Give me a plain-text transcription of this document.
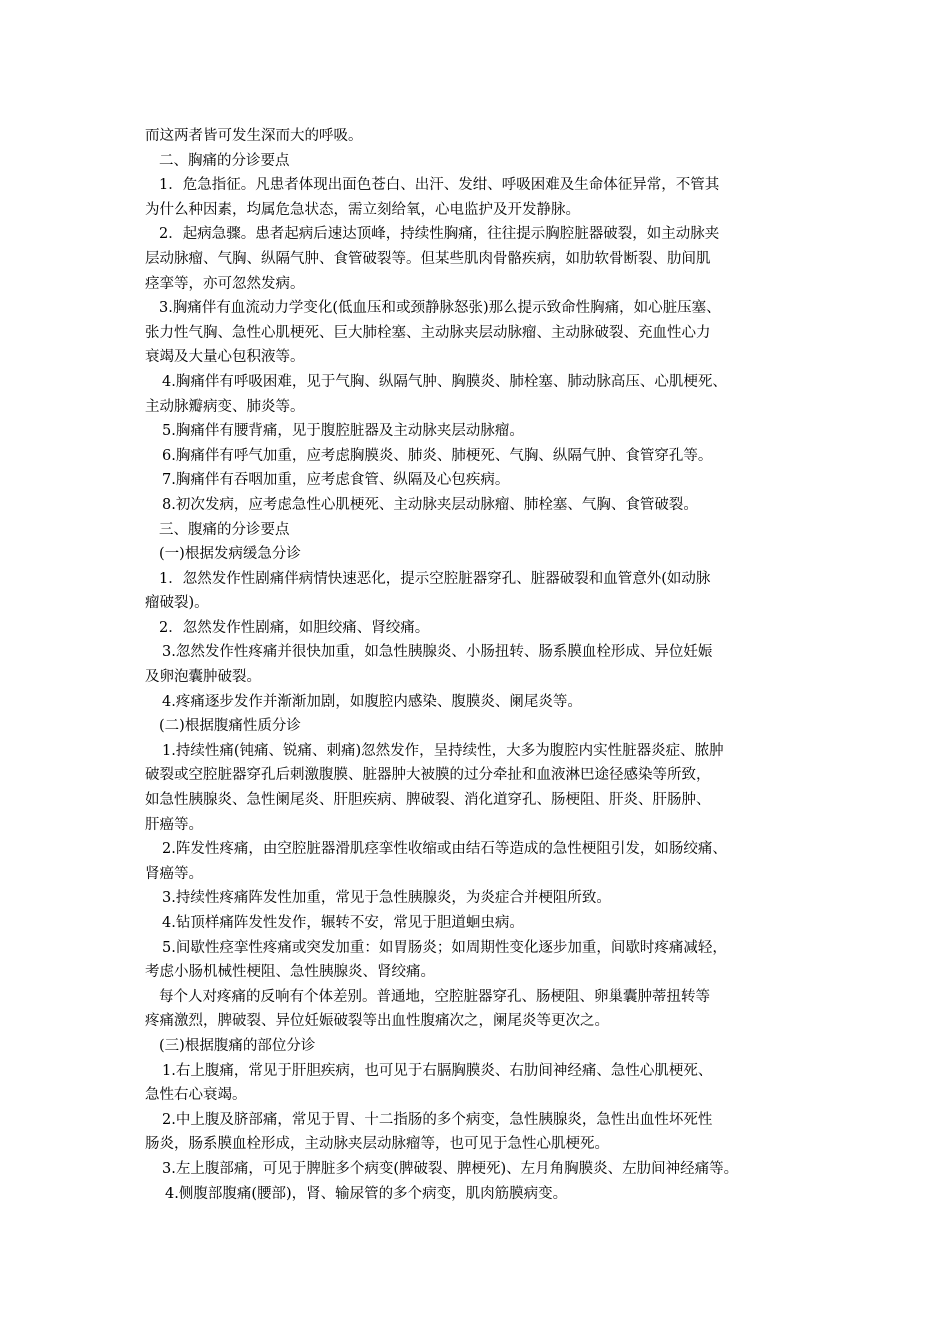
而这两者皆可发生深而大的呼吸。
二、胸痛的分诊要点
1．危急指征。凡患者体现出面色苍白、出汗、发绀、呼吸困难及生命体征异常，不管其
为什么种因素，均属危急状态，需立刻给氧，心电监护及开发静脉。
2．起病急骤。患者起病后速达顶峰，持续性胸痛，往往提示胸腔脏器破裂，如主动脉夹
层动脉瘤、气胸、纵隔气肿、食管破裂等。但某些肌肉骨骼疾病，如肋软骨断裂、肋间肌
痉挛等，亦可忽然发病。
3.胸痛伴有血流动力学变化(低血压和或颈静脉怒张)那么提示致命性胸痛，如心脏压塞、
张力性气胸、急性心肌梗死、巨大肺栓塞、主动脉夹层动脉瘤、主动脉破裂、充血性心力
衰竭及大量心包积液等。
4.胸痛伴有呼吸困难，见于气胸、纵隔气肿、胸膜炎、肺栓塞、肺动脉高压、心肌梗死、
主动脉瓣病变、肺炎等。
5.胸痛伴有腰背痛，见于腹腔脏器及主动脉夹层动脉瘤。
6.胸痛伴有呼气加重，应考虑胸膜炎、肺炎、肺梗死、气胸、纵隔气肿、食管穿孔等。
7.胸痛伴有吞咽加重，应考虑食管、纵隔及心包疾病。
8.初次发病，应考虑急性心肌梗死、主动脉夹层动脉瘤、肺栓塞、气胸、食管破裂。
三、腹痛的分诊要点
(一)根据发病缓急分诊
1．忽然发作性剧痛伴病情快速恶化，提示空腔脏器穿孔、脏器破裂和血管意外(如动脉
瘤破裂)。
2．忽然发作性剧痛，如胆绞痛、肾绞痛。
3.忽然发作性疼痛并很快加重，如急性胰腺炎、小肠扭转、肠系膜血栓形成、异位妊娠
及卵泡囊肿破裂。
4.疼痛逐步发作并渐渐加剧，如腹腔内感染、腹膜炎、阑尾炎等。
(二)根据腹痛性质分诊
1.持续性痛(钝痛、锐痛、刺痛)忽然发作，呈持续性，大多为腹腔内实性脏器炎症、脓肿
破裂或空腔脏器穿孔后刺激腹膜、脏器肿大被膜的过分牵扯和血液淋巴途径感染等所致，
如急性胰腺炎、急性阑尾炎、肝胆疾病、脾破裂、消化道穿孔、肠梗阻、肝炎、肝肠肿、
肝癌等。
2.阵发性疼痛，由空腔脏器滑肌痉挛性收缩或由结石等造成的急性梗阻引发，如肠绞痛、
肾癌等。
3.持续性疼痛阵发性加重，常见于急性胰腺炎，为炎症合并梗阻所致。
4.钻顶样痛阵发性发作，辗转不安，常见于胆道蛔虫病。
5.间歇性痉挛性疼痛或突发加重：如胃肠炎；如周期性变化逐步加重，间歇时疼痛减轻，
考虑小肠机械性梗阻、急性胰腺炎、肾绞痛。
每个人对疼痛的反响有个体差别。普通地，空腔脏器穿孔、肠梗阻、卵巢囊肿蒂扭转等
疼痛激烈，脾破裂、异位妊娠破裂等出血性腹痛次之，阑尾炎等更次之。
(三)根据腹痛的部位分诊
1.右上腹痛，常见于肝胆疾病，也可见于右膈胸膜炎、右肋间神经痛、急性心肌梗死、
急性右心衰竭。
2.中上腹及脐部痛，常见于胃、十二指肠的多个病变，急性胰腺炎，急性出血性坏死性
肠炎，肠系膜血栓形成，主动脉夹层动脉瘤等，也可见于急性心肌梗死。
3.左上腹部痛，可见于脾脏多个病变(脾破裂、脾梗死)、左月角胸膜炎、左肋间神经痛等。
4.侧腹部腹痛(腰部)，肾、输尿管的多个病变，肌肉筋膜病变。
